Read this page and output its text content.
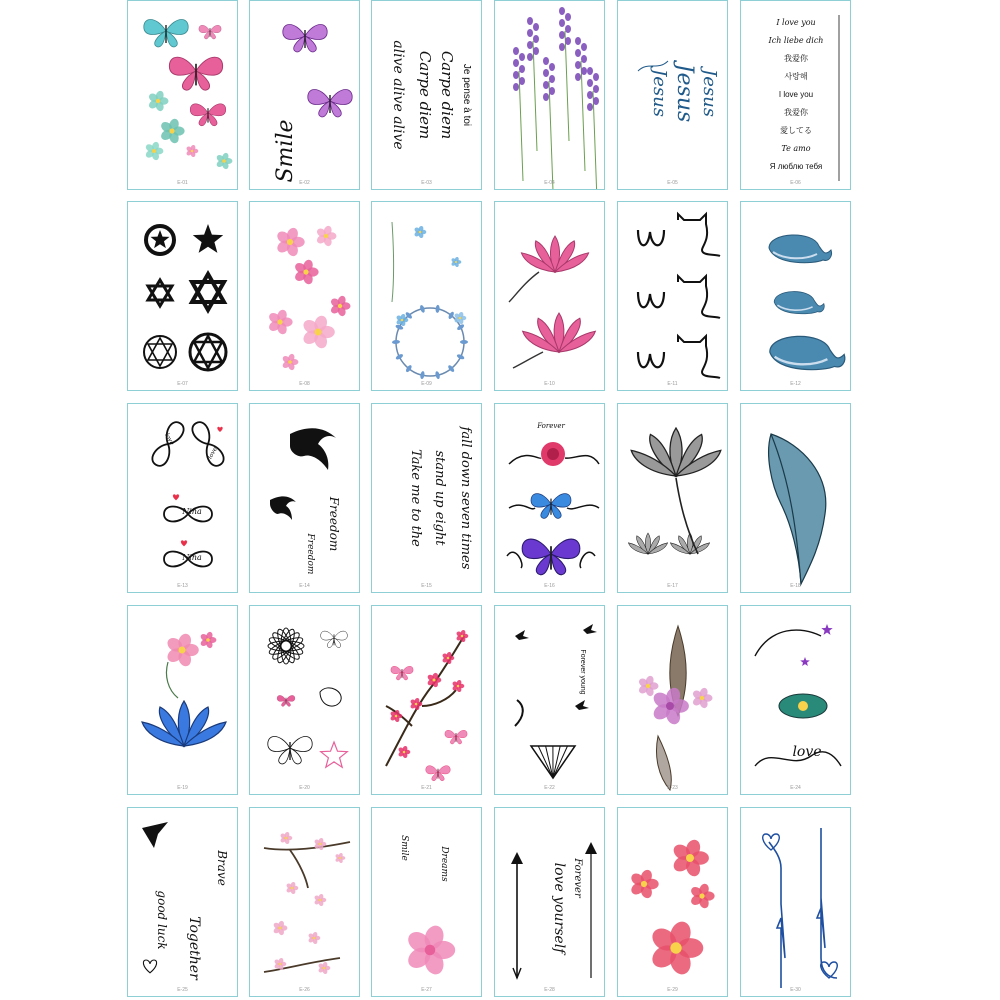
E-01
Smile
E-02
Je pense à toi
Carpe diem
Carpe diem
alive alive alive
E-03	E-04
Jesus Jesus Jesus
E-05
I love you
Ich liebe dich
我爱你
사랑해
I love you
我爱你
愛してる
Te amo
Я люблю тебя
E-06
E-07	E-08	E-09	E-10	E-11	E-12
love
love
Nina
Nina
E-13
Freedom
Freedom
E-14
fall down seven times
stand up eight
Take me to the
E-15
Forever
E-16	E-17	E-18
E-19	E-20	E-21
Forever young
E-22	E-23
love
E-24
good luck
Brave
Together
E-25	E-26
Smile	Dreams
E-27
love yourself Forever
E-28	E-29	E-30
